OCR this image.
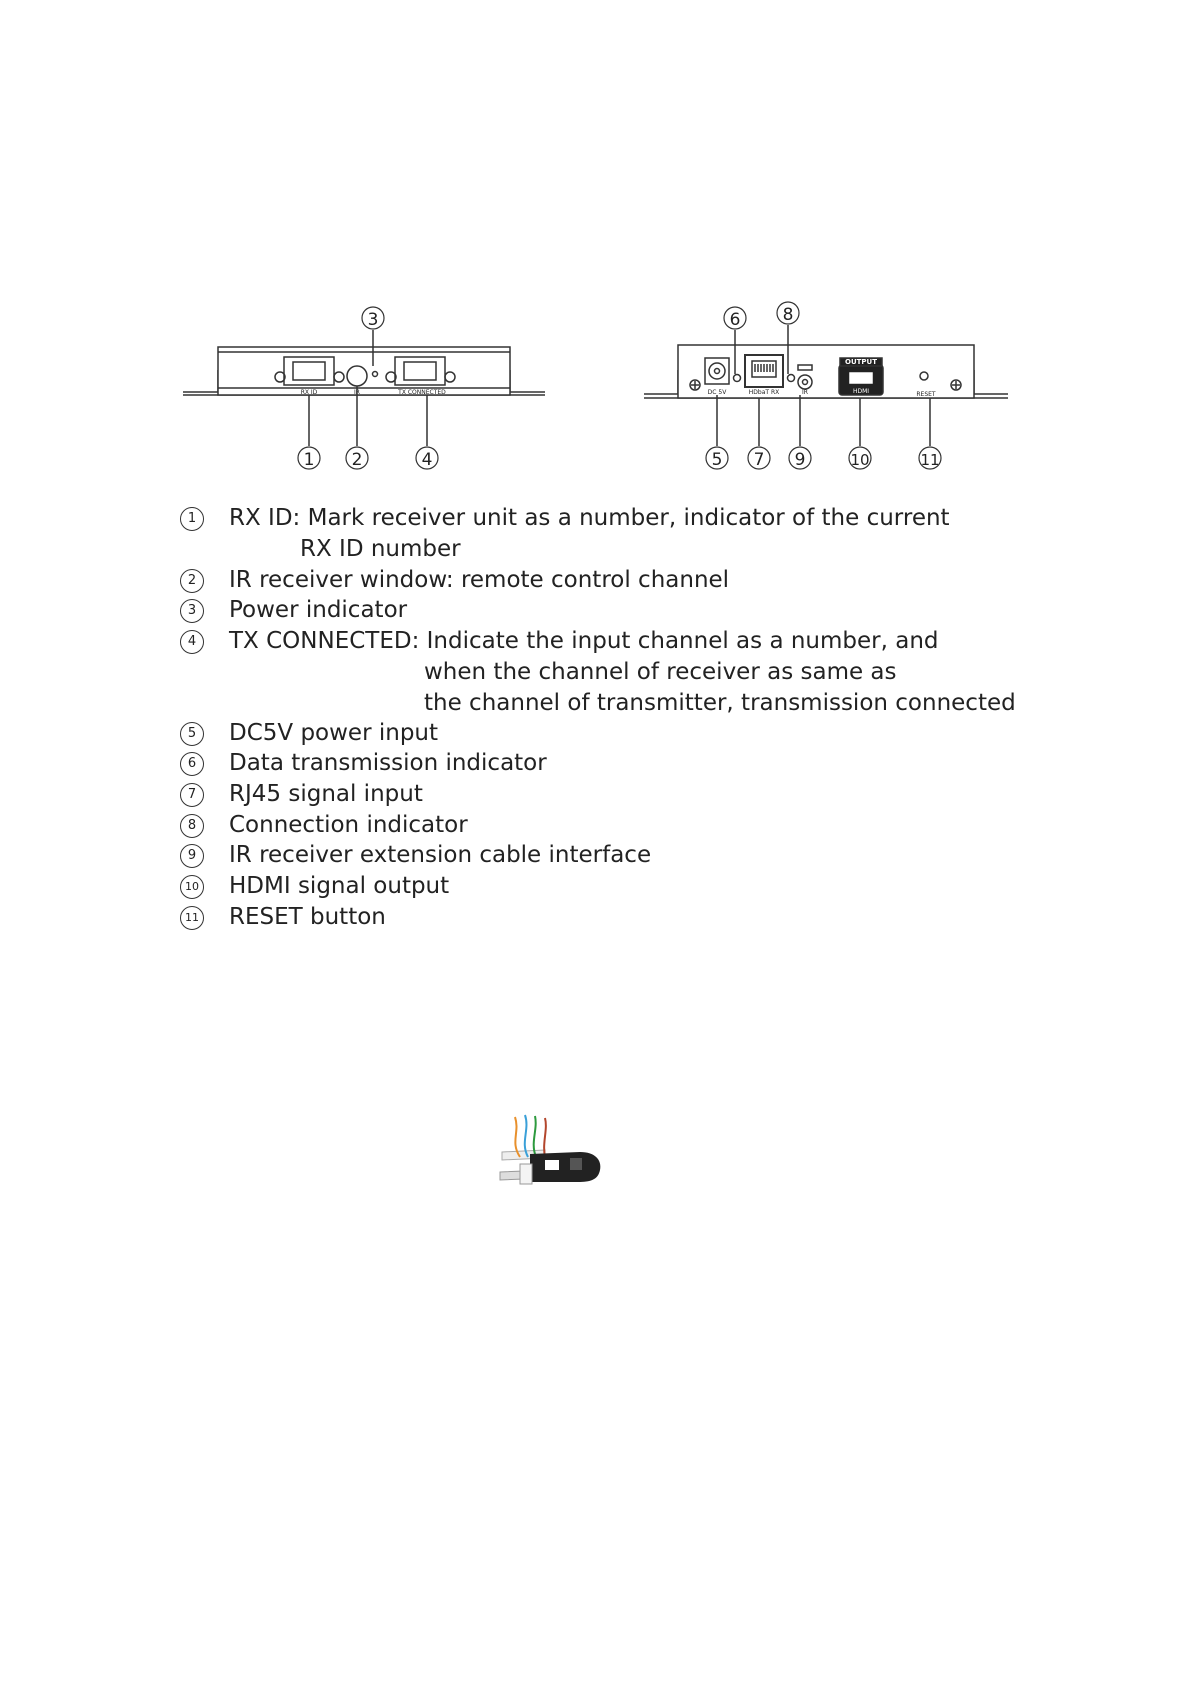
RX ID	IR	TX CONNECTED
1 2
3
4
DC 5V	HDbaT RX	IR
OUTPUT
HDMI	RESET
5
6
7
8
9	10	11
1	RX ID: Mark receiver unit as a number, indicator of the current
RX ID number
2	IR receiver window: remote control channel
3	Power indicator
4	TX CONNECTED: Indicate the input channel as a number, and
when the channel of receiver as same as
the channel of transmitter, transmission connected
5	DC5V power input
6	Data transmission indicator
7	RJ45 signal input
8	Connection indicator
9	IR receiver extension cable interface
10 HDMI signal output
11 RESET button
